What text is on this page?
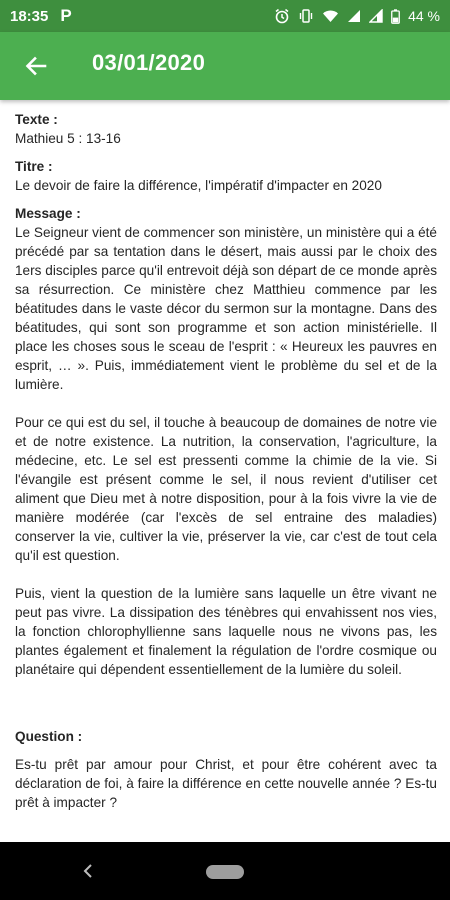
18:35 P	44 %
03/01/2020
Texte :
Mathieu 5 : 13-16
Titre :
Le devoir de faire la différence, l'impératif d'impacter en 2020
Message :
Le Seigneur vient de commencer son ministère, un ministère qui a été précédé par sa tentation dans le désert, mais aussi par le choix des 1ers disciples parce qu'il entrevoit déjà son départ de ce monde après sa résurrection. Ce ministère chez Matthieu commence par les béatitudes dans le vaste décor du sermon sur la montagne. Dans des béatitudes, qui sont son programme et son action ministérielle. Il place les choses sous le sceau de l'esprit : « Heureux les pauvres en esprit, … ». Puis, immédiatement vient le problème du sel et de la lumière.
Pour ce qui est du sel, il touche à beaucoup de domaines de notre vie et de notre existence. La nutrition, la conservation, l'agriculture, la médecine, etc. Le sel est pressenti comme la chimie de la vie. Si l'évangile est présent comme le sel, il nous revient d'utiliser cet aliment que Dieu met à notre disposition, pour à la fois vivre la vie de manière modérée (car l'excès de sel entraine des maladies) conserver la vie, cultiver la vie, préserver la vie, car c'est de tout cela qu'il est question.
Puis, vient la question de la lumière sans laquelle un être vivant ne peut pas vivre. La dissipation des ténèbres qui envahissent nos vies, la fonction chlorophyllienne sans laquelle nous ne vivons pas, les plantes également et finalement la régulation de l'ordre cosmique ou planétaire qui dépendent essentiellement de la lumière du soleil.
Question :
Es-tu prêt par amour pour Christ, et pour être cohérent avec ta déclaration de foi, à faire la différence en cette nouvelle année ? Es-tu prêt à impacter ?
